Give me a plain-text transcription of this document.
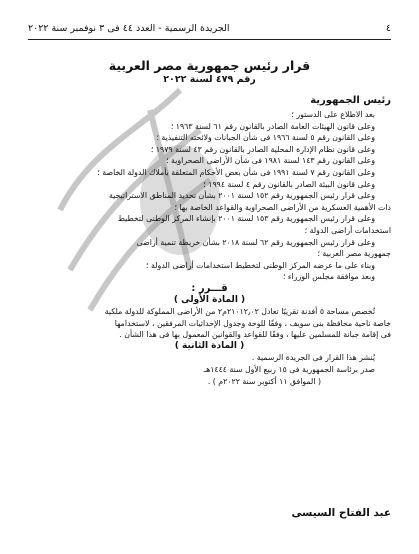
٤
الجريدة الرسمية - العدد ٤٤ فى ٣ نوفمبر سنة ٢٠٢٢
قرار رئيس جمهورية مصر العربية
رقم ٤٧٩ لسنة ٢٠٢٢
رئيس الجمهورية

بعد الاطلاع على الدستور ؛

وعلى قانون الهيئات العامة الصادر بالقانون رقم ٦١ لسنة ١٩٦٣ ؛

وعلى القانون رقم ٥ لسنة ١٩٦٦ فى شأن الجبانات ولائحته التنفيذية ؛

وعلى قانون نظام الإدارة المحلية الصادر بالقانون رقم ٤٣ لسنة ١٩٧٩ ؛

وعلى القانون رقم ١٤٣ لسنة ١٩٨١ فى شأن الأراضى الصحراوية ؛

وعلى القانون رقم ٧ لسنة ١٩٩١ فى شأن بعض الأحكام المتعلقة بأملاك الدولة الخاصة ؛

وعلى قانون البيئة الصادر بالقانون رقم ٤ لسنة ١٩٩٤ ؛

وعلى قرار رئيس الجمهورية رقم ١٥٢ لسنة ٢٠٠١ بشأن تحديد المناطق الاستراتيجية

ذات الأهمية العسكرية من الأراضى الصحراوية والقواعد الخاصة بها ؛

وعلى قرار رئيس الجمهورية رقم ١٥٣ لسنة ٢٠٠١ بإنشاء المركز الوطنى لتخطيط

استخدامات أراضى الدولة ؛

وعلى قرار رئيس الجمهورية رقم ٦٢ لسنة ٢٠١٨ بشأن خريطة تنمية أراضى

جمهورية مصر العربية ؛

وبناء على ما عرضه المركز الوطنى لتخطيط استخدامات أراضى الدولة ؛

وبعد موافقة مجلس الوزراء ؛

قـــرر :

( المادة الأولى )

تُخصص مساحة ٥ أفدنة تقريبًا تعادل ٢١٠١٢٫٠٢م٢ من الأراضى المملوكة للدولة ملكية

خاصة ناحية محافظة بنى سويف ، وفقًا للوحة وجدول الإحداثيات المرفقين ، لاستخدامها

فى إقامة جبانة للمسلمين عليها ، وفقًا للقواعد والقوانين المعمول بها فى هذا الشأن .

( المادة الثانية )

يُنشر هذا القرار فى الجريدة الرسمية .

صدر برئاسة الجمهورية فى ١٥ ربيع الأول سنة ١٤٤٤هـ

( الموافق ١١ أكتوبر سنة ٢٠٢٢م ) .

عبد الفتاح السيسى
